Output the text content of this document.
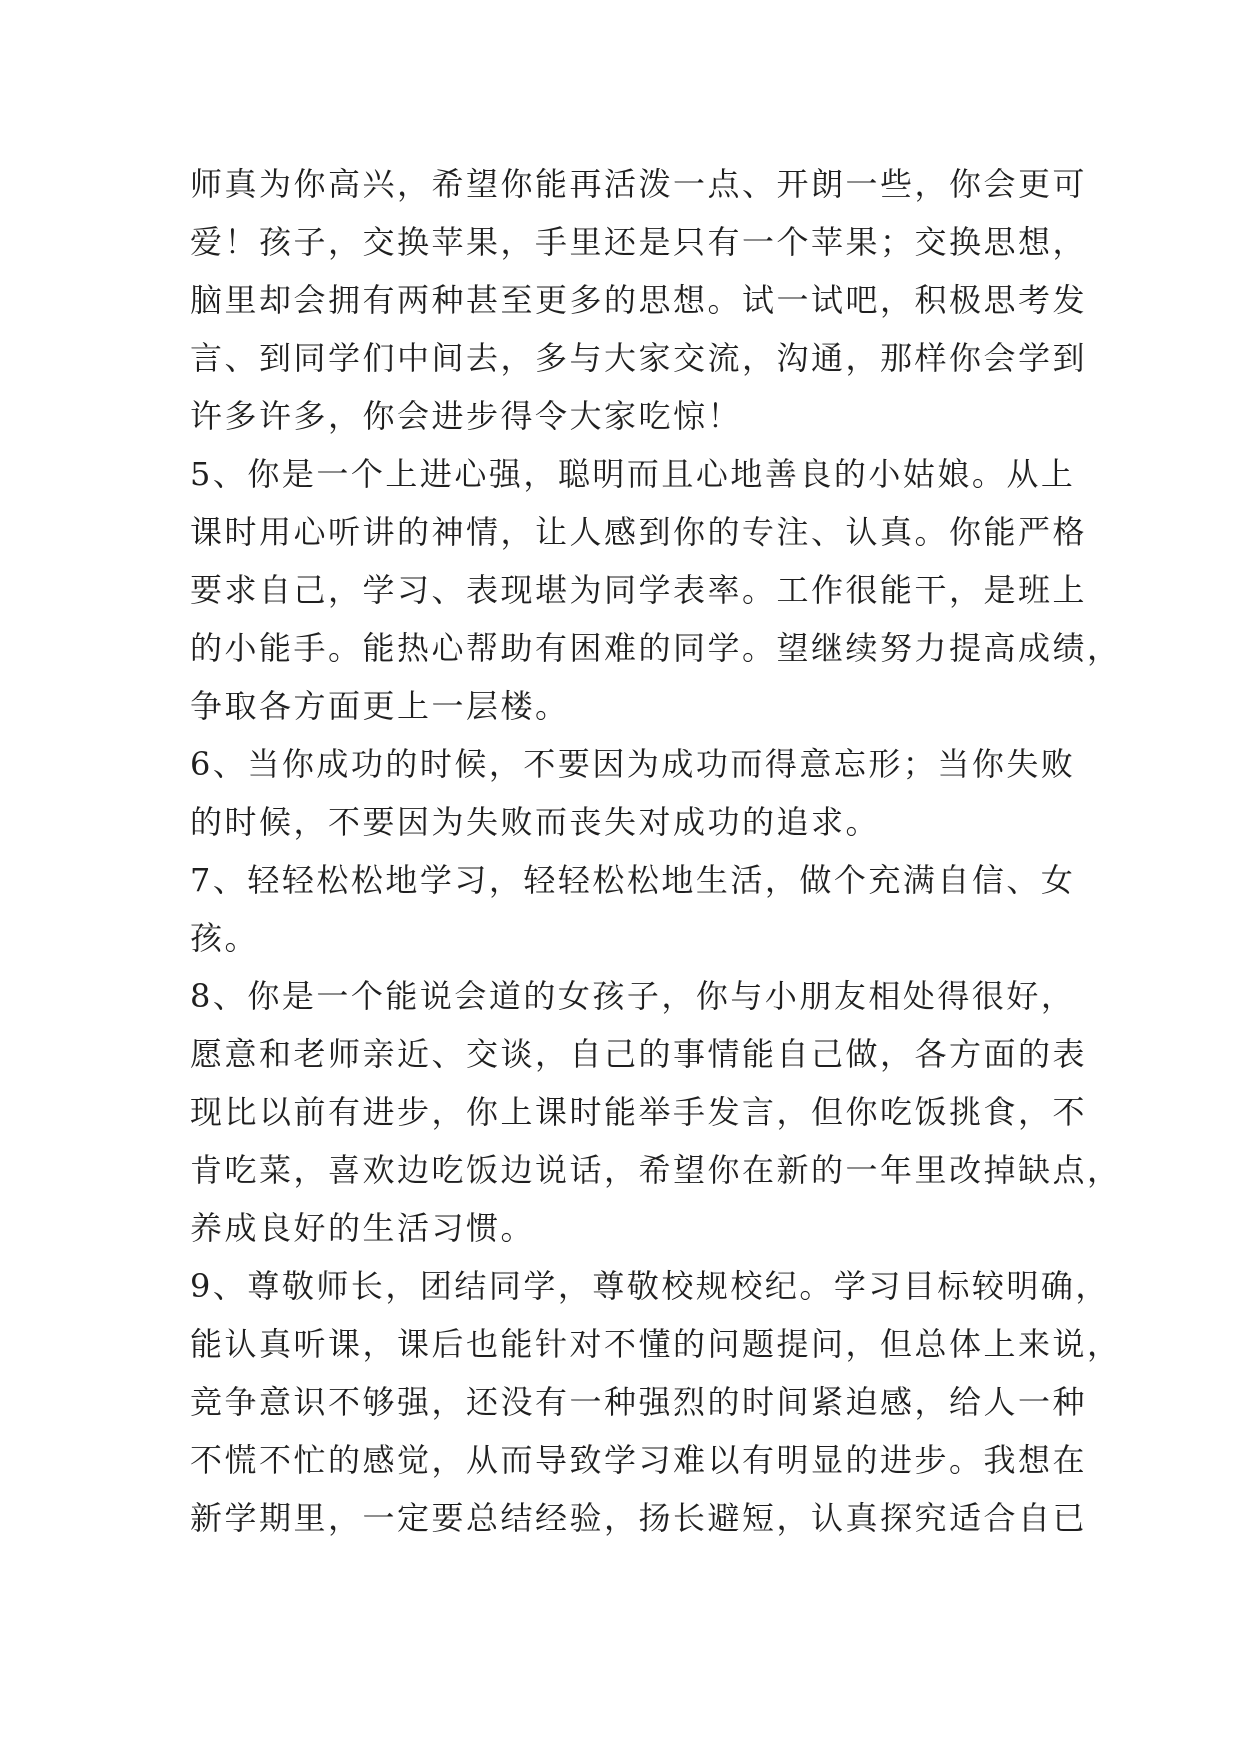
师真为你高兴，希望你能再活泼一点、开朗一些，你会更可
爱！孩子，交换苹果，手里还是只有一个苹果；交换思想，
脑里却会拥有两种甚至更多的思想。试一试吧，积极思考发
言、到同学们中间去，多与大家交流，沟通，那样你会学到
许多许多，你会进步得令大家吃惊！
5、你是一个上进心强，聪明而且心地善良的小姑娘。从上
课时用心听讲的神情，让人感到你的专注、认真。你能严格
要求自己，学习、表现堪为同学表率。工作很能干，是班上
的小能手。能热心帮助有困难的同学。望继续努力提高成绩，
争取各方面更上一层楼。
6、当你成功的时候，不要因为成功而得意忘形；当你失败
的时候，不要因为失败而丧失对成功的追求。
7、轻轻松松地学习，轻轻松松地生活，做个充满自信、女
孩。
8、你是一个能说会道的女孩子，你与小朋友相处得很好，
愿意和老师亲近、交谈，自己的事情能自己做，各方面的表
现比以前有进步，你上课时能举手发言，但你吃饭挑食，不
肯吃菜，喜欢边吃饭边说话，希望你在新的一年里改掉缺点，
养成良好的生活习惯。
9、尊敬师长，团结同学，尊敬校规校纪。学习目标较明确，
能认真听课，课后也能针对不懂的问题提问，但总体上来说，
竞争意识不够强，还没有一种强烈的时间紧迫感，给人一种
不慌不忙的感觉，从而导致学习难以有明显的进步。我想在
新学期里，一定要总结经验，扬长避短，认真探究适合自已
